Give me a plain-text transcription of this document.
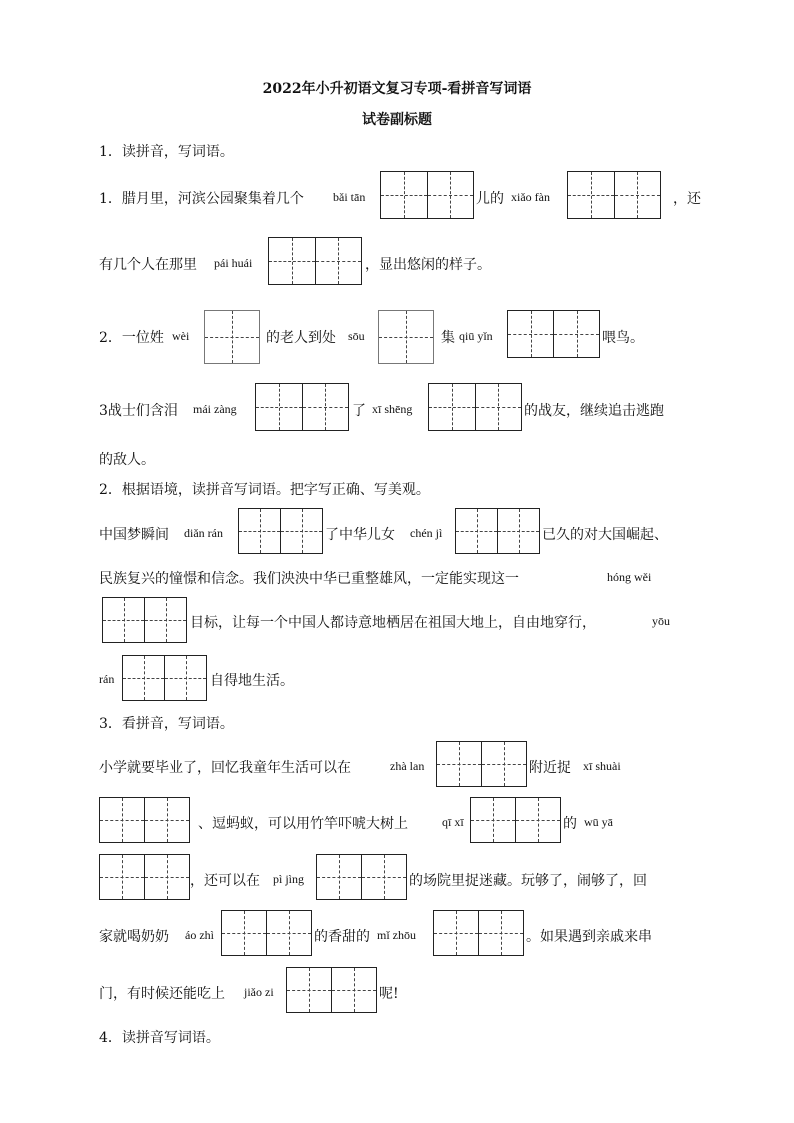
2022年小升初语文复习专项-看拼音写词语
试卷副标题
1．读拼音，写词语。
1．腊月里，河滨公园聚集着几个 bǎi tān	儿的 xiǎo fàn	，还
有几个人在那里 pái huái	，显出悠闲的样子。
2．一位姓 wèi	的老人到处 sōu	集 qiū yǐn	喂鸟。
3战士们含泪 mái zàng	了 xī shēng	的战友，继续追击逃跑
的敌人。
2．根据语境，读拼音写词语。把字写正确、写美观。
中国梦瞬间 diǎn rán	了中华儿女 chén jì	已久的对大国崛起、
民族复兴的憧憬和信念。我们泱泱中华已重整雄风，一定能实现这一	hóng wěi
目标，让每一个中国人都诗意地栖居在祖国大地上，自由地穿行，	yōu
rán	自得地生活。
3．看拼音，写词语。
小学就要毕业了，回忆我童年生活可以在	zhà lan	附近捉 xī shuài
、逗蚂蚁，可以用竹竿吓唬大树上	qī xī	的 wū yā
，还可以在 pì jìng	的场院里捉迷藏。玩够了，闹够了，回
家就喝奶奶 áo zhì	的香甜的 mǐ zhōu	。如果遇到亲戚来串
门，有时候还能吃上 jiǎo zi	呢!
4．读拼音写词语。
